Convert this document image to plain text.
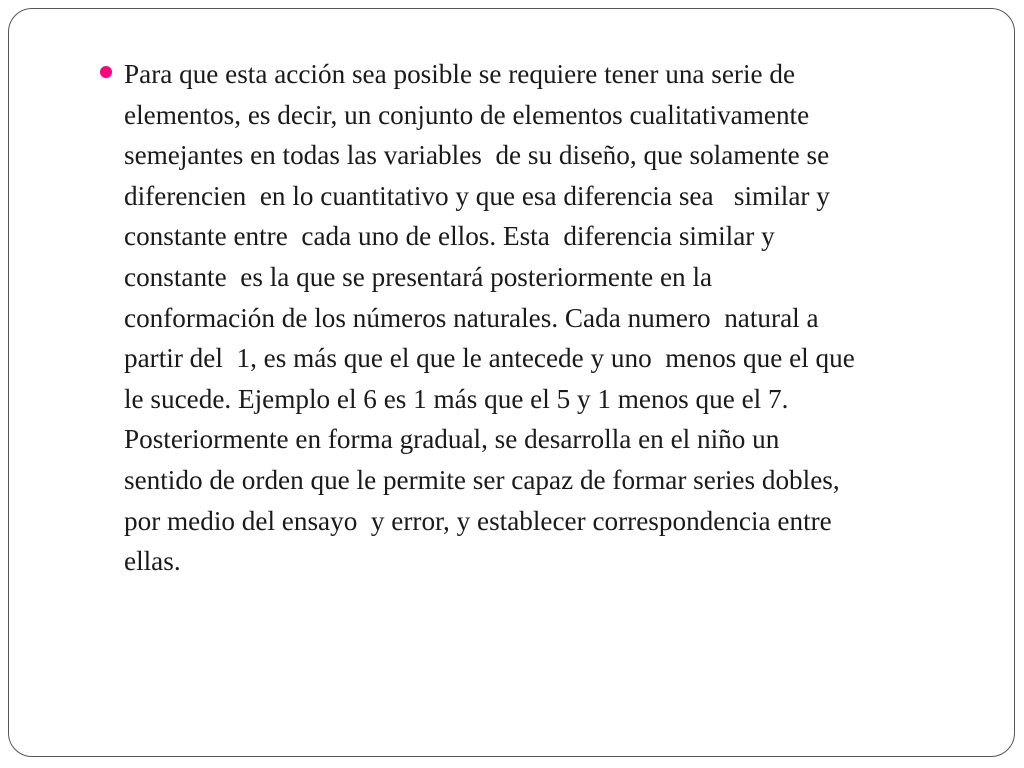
Para que esta acción sea posible se requiere tener una serie de
elementos, es decir, un conjunto de elementos cualitativamente
semejantes en todas las variables  de su diseño, que solamente se
diferencien  en lo cuantitativo y que esa diferencia sea   similar y
constante entre  cada uno de ellos. Esta  diferencia similar y
constante  es la que se presentará posteriormente en la
conformación de los números naturales. Cada numero  natural a
partir del  1, es más que el que le antecede y uno  menos que el que
le sucede. Ejemplo el 6 es 1 más que el 5 y 1 menos que el 7.
Posteriormente en forma gradual, se desarrolla en el niño un
sentido de orden que le permite ser capaz de formar series dobles,
por medio del ensayo  y error, y establecer correspondencia entre
ellas.
